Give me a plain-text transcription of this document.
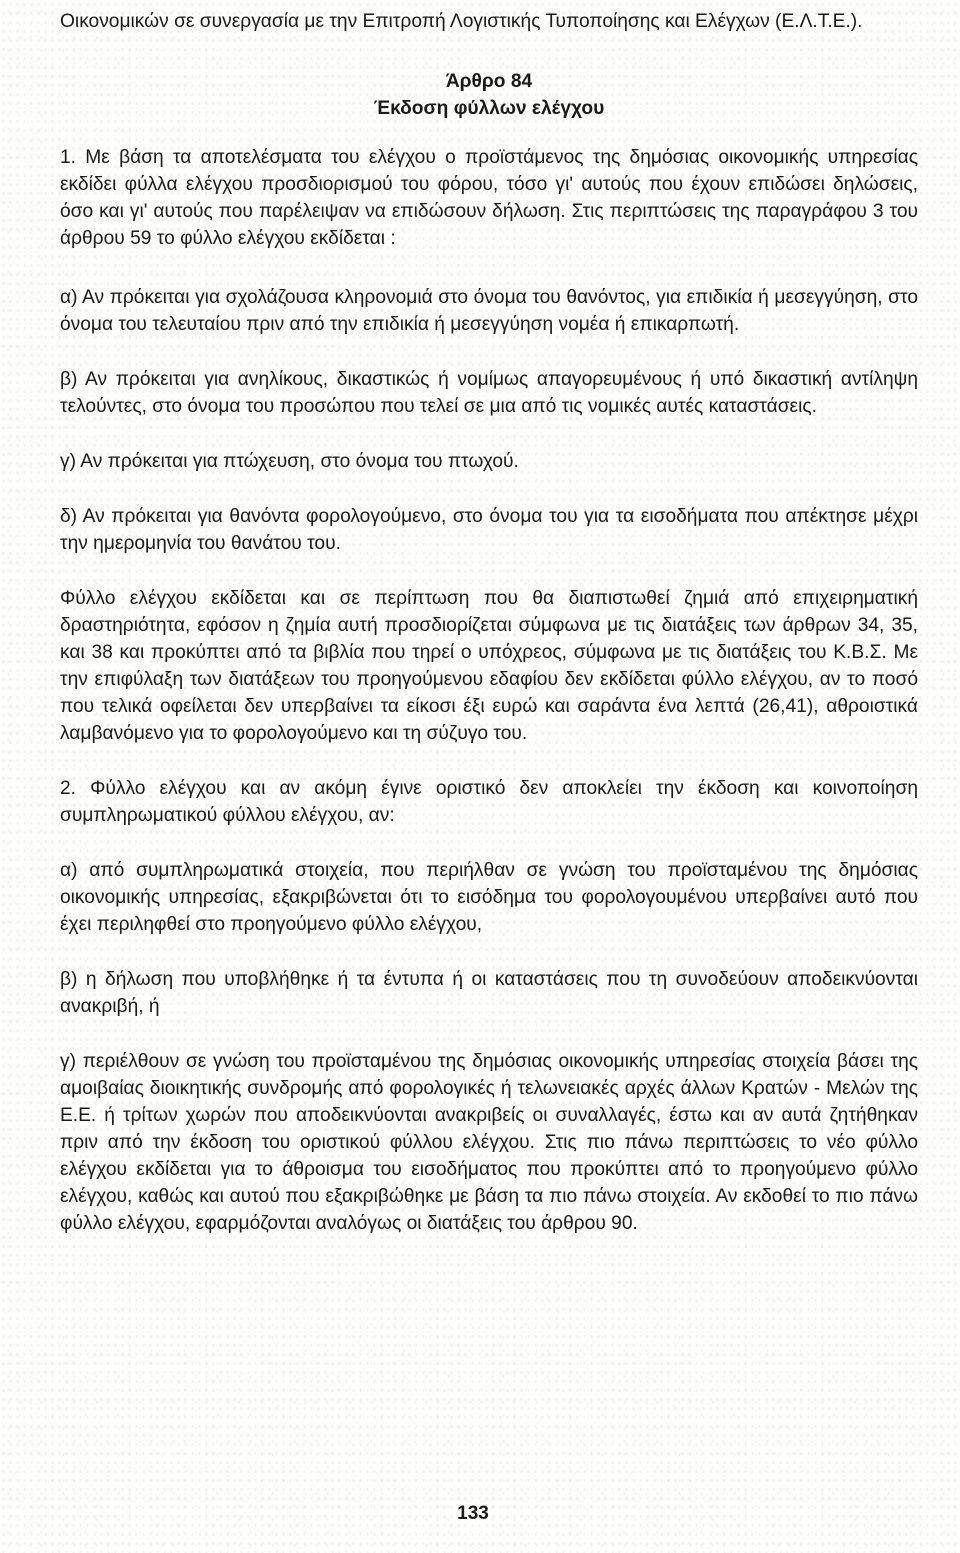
Οικονομικών σε συνεργασία με την Επιτροπή Λογιστικής Τυποποίησης και Ελέγχων (Ε.Λ.Τ.Ε.).

Άρθρο 84

Έκδοση φύλλων ελέγχου

1. Με βάση τα αποτελέσματα του ελέγχου ο προϊστάμενος της δημόσιας οικονομικής υπηρεσίας εκδίδει φύλλα ελέγχου προσδιορισμού του φόρου, τόσο γι' αυτούς που έχουν επιδώσει δηλώσεις, όσο και γι' αυτούς που παρέλειψαν να επιδώσουν δήλωση. Στις περιπτώσεις της παραγράφου 3 του άρθρου 59 το φύλλο ελέγχου εκδίδεται :

α) Αν πρόκειται για σχολάζουσα κληρονομιά στο όνομα του θανόντος, για επιδικία ή μεσεγγύηση, στο όνομα του τελευταίου πριν από την επιδικία ή μεσεγγύηση νομέα ή επικαρπωτή.

β) Αν πρόκειται για ανηλίκους, δικαστικώς ή νομίμως απαγορευμένους ή υπό δικαστική αντίληψη τελούντες, στο όνομα του προσώπου που τελεί σε μια από τις νομικές αυτές καταστάσεις.

γ) Αν πρόκειται για πτώχευση, στο όνομα του πτωχού.

δ) Αν πρόκειται για θανόντα φορολογούμενο, στο όνομα του για τα εισοδήματα που απέκτησε μέχρι την ημερομηνία του θανάτου του.

Φύλλο ελέγχου εκδίδεται και σε περίπτωση που θα διαπιστωθεί ζημιά από επιχειρηματική δραστηριότητα, εφόσον η ζημία αυτή προσδιορίζεται σύμφωνα με τις διατάξεις των άρθρων 34, 35, και 38 και προκύπτει από τα βιβλία που τηρεί ο υπόχρεος, σύμφωνα με τις διατάξεις του Κ.Β.Σ. Με την επιφύλαξη των διατάξεων του προηγούμενου εδαφίου δεν εκδίδεται φύλλο ελέγχου, αν το ποσό που τελικά οφείλεται δεν υπερβαίνει τα είκοσι έξι ευρώ και σαράντα ένα λεπτά (26,41), αθροιστικά λαμβανόμενο για το φορολογούμενο και τη σύζυγο του.

2. Φύλλο ελέγχου και αν ακόμη έγινε οριστικό δεν αποκλείει την έκδοση και κοινοποίηση συμπληρωματικού φύλλου ελέγχου, αν:

α) από συμπληρωματικά στοιχεία, που περιήλθαν σε γνώση του προϊσταμένου της δημόσιας οικονομικής υπηρεσίας, εξακριβώνεται ότι το εισόδημα του φορολογουμένου υπερβαίνει αυτό που έχει περιληφθεί στο προηγούμενο φύλλο ελέγχου,

β) η δήλωση που υποβλήθηκε ή τα έντυπα ή οι καταστάσεις που τη συνοδεύουν αποδεικνύονται ανακριβή, ή

γ) περιέλθουν σε γνώση του προϊσταμένου της δημόσιας οικονομικής υπηρεσίας στοιχεία βάσει της αμοιβαίας διοικητικής συνδρομής από φορολογικές ή τελωνειακές αρχές άλλων Κρατών - Μελών της Ε.Ε. ή τρίτων χωρών που αποδεικνύονται ανακριβείς οι συναλλαγές, έστω και αν αυτά ζητήθηκαν πριν από την έκδοση του οριστικού φύλλου ελέγχου. Στις πιο πάνω περιπτώσεις το νέο φύλλο ελέγχου εκδίδεται για το άθροισμα του εισοδήματος που προκύπτει από το προηγούμενο φύλλο ελέγχου, καθώς και αυτού που εξακριβώθηκε με βάση τα πιο πάνω στοιχεία. Αν εκδοθεί το πιο πάνω φύλλο ελέγχου, εφαρμόζονται αναλόγως οι διατάξεις του άρθρου 90.

133
